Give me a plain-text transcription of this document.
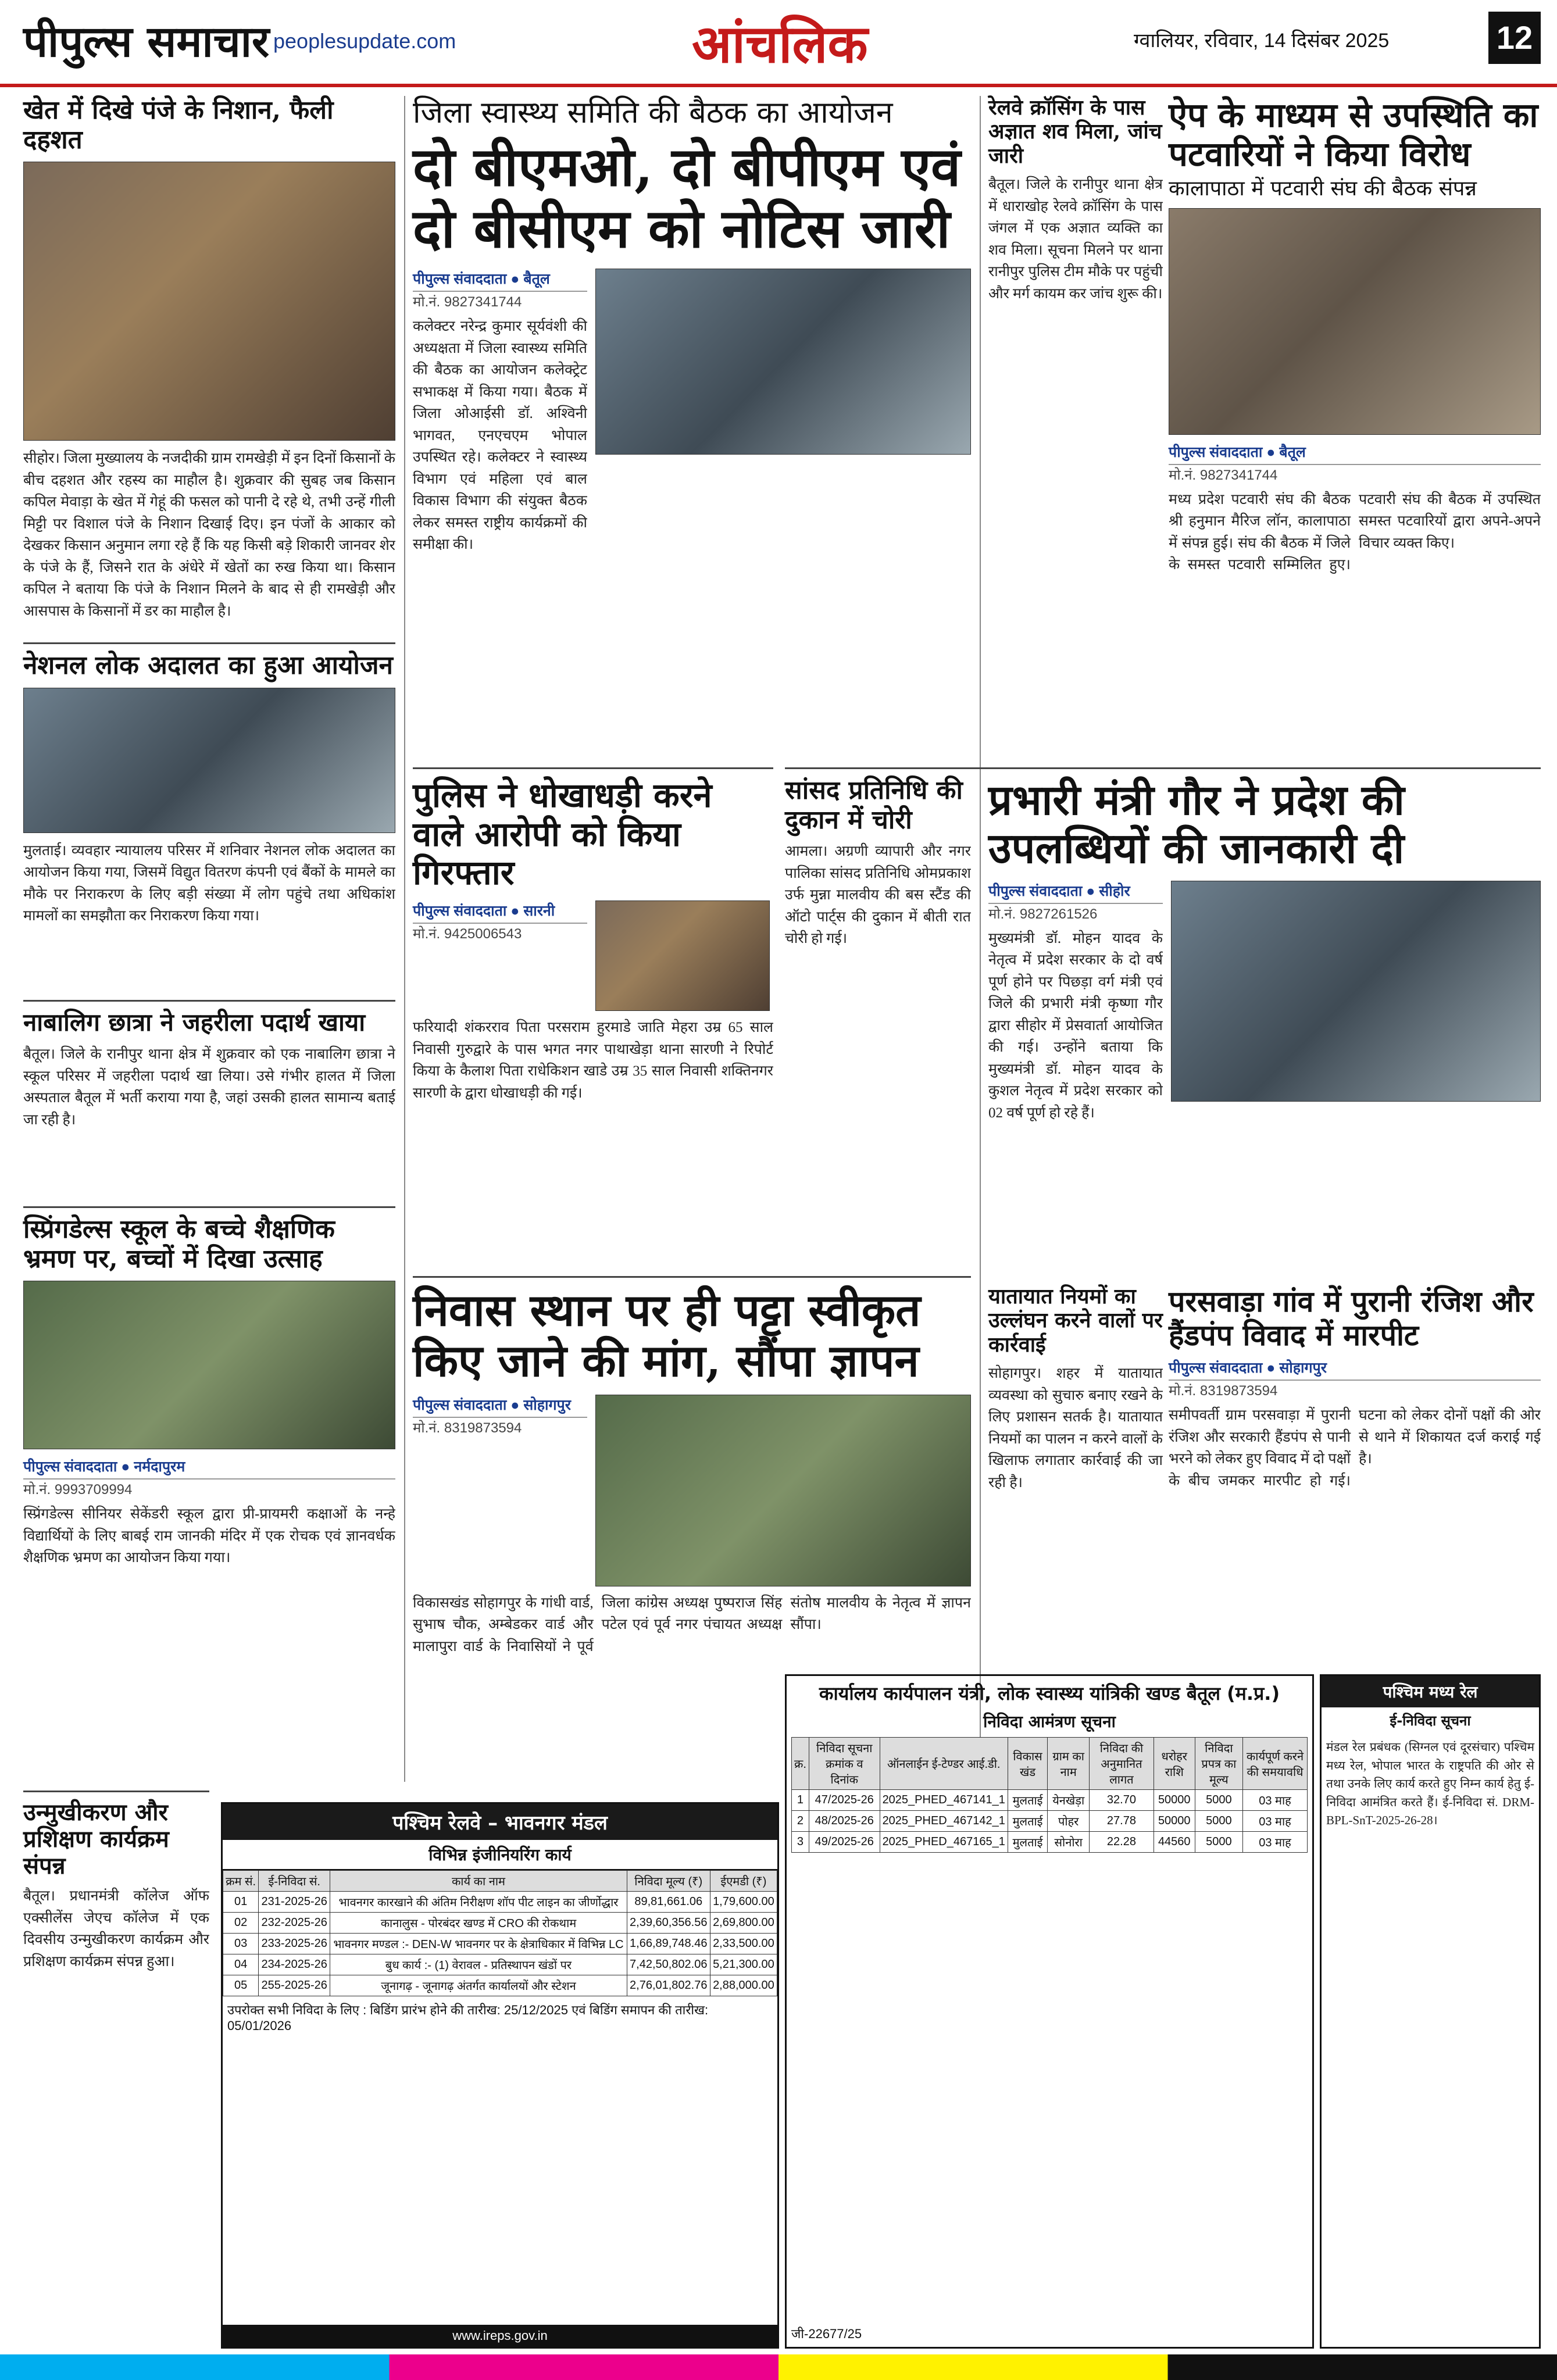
पीपुल्स समाचार peoplesupdate.com	आंचलिक	ग्वालियर, रविवार, 14 दिसंबर 2025	12
खेत में दिखे पंजे के निशान, फैली दहशत
सीहोर। जिला मुख्यालय के नजदीकी ग्राम रामखेड़ी में इन दिनों किसानों के बीच दहशत और रहस्य का माहौल है। शुक्रवार की सुबह जब किसान कपिल मेवाड़ा के खेत में गेहूं की फसल को पानी दे रहे थे, तभी उन्हें गीली मिट्टी पर विशाल पंजे के निशान दिखाई दिए। इन पंजों के आकार को देखकर किसान अनुमान लगा रहे हैं कि यह किसी बड़े शिकारी जानवर शेर के पंजे के हैं, जिसने रात के अंधेरे में खेतों का रुख किया था। किसान कपिल ने बताया कि पंजे के निशान मिलने के बाद से ही रामखेड़ी और आसपास के किसानों में डर का माहौल है।
नेशनल लोक अदालत का हुआ आयोजन
मुलताई। व्यवहार न्यायालय परिसर में शनिवार नेशनल लोक अदालत का आयोजन किया गया, जिसमें विद्युत वितरण कंपनी एवं बैंकों के मामले का मौके पर निराकरण के लिए बड़ी संख्या में लोग पहुंचे तथा अधिकांश मामलों का समझौता कर निराकरण किया गया।
नाबालिग छात्रा ने जहरीला पदार्थ खाया
बैतूल। जिले के रानीपुर थाना क्षेत्र में शुक्रवार को एक नाबालिग छात्रा ने स्कूल परिसर में जहरीला पदार्थ खा लिया। उसे गंभीर हालत में जिला अस्पताल बैतूल में भर्ती कराया गया है, जहां उसकी हालत सामान्य बताई जा रही है।
स्प्रिंगडेल्स स्कूल के बच्चे शैक्षणिक भ्रमण पर, बच्चों में दिखा उत्साह
पीपुल्स संवाददाता ● नर्मदापुरम
मो.नं. 9993709994
स्प्रिंगडेल्स सीनियर सेकेंडरी स्कूल द्वारा प्री-प्रायमरी कक्षाओं के नन्हे विद्यार्थियों के लिए बाबई राम जानकी मंदिर में एक रोचक एवं ज्ञानवर्धक शैक्षणिक भ्रमण का आयोजन किया गया।
उन्मुखीकरण और प्रशिक्षण कार्यक्रम संपन्न
बैतूल। प्रधानमंत्री कॉलेज ऑफ एक्सीलेंस जेएच कॉलेज में एक दिवसीय उन्मुखीकरण कार्यक्रम और प्रशिक्षण कार्यक्रम संपन्न हुआ।
जिला स्वास्थ्य समिति की बैठक का आयोजन
दो बीएमओ, दो बीपीएम एवं दो बीसीएम को नोटिस जारी
पीपुल्स संवाददाता ● बैतूल
मो.नं. 9827341744
कलेक्टर नरेन्द्र कुमार सूर्यवंशी की अध्यक्षता में जिला स्वास्थ्य समिति की बैठक का आयोजन कलेक्ट्रेट सभाकक्ष में किया गया। बैठक में जिला ओआईसी डॉ. अश्विनी भागवत, एनएचएम भोपाल उपस्थित रहे। कलेक्टर ने स्वास्थ्य विभाग एवं महिला एवं बाल विकास विभाग की संयुक्त बैठक लेकर समस्त राष्ट्रीय कार्यक्रमों की समीक्षा की।
पुलिस ने धोखाधड़ी करने वाले आरोपी को किया गिरफ्तार
पीपुल्स संवाददाता ● सारनी
मो.नं. 9425006543
फरियादी शंकरराव पिता परसराम हुरमाडे जाति मेहरा उम्र 65 साल निवासी गुरुद्वारे के पास भगत नगर पाथाखेड़ा थाना सारणी ने रिपोर्ट किया के कैलाश पिता राधेकिशन खाडे उम्र 35 साल निवासी शक्तिनगर सारणी के द्वारा धोखाधड़ी की गई।
निवास स्थान पर ही पट्टा स्वीकृत किए जाने की मांग, सौंपा ज्ञापन
पीपुल्स संवाददाता ● सोहागपुर
मो.नं. 8319873594
विकासखंड सोहागपुर के गांधी वार्ड, सुभाष चौक, अम्बेडकर वार्ड और मालापुरा वार्ड के निवासियों ने पूर्व जिला कांग्रेस अध्यक्ष पुष्पराज सिंह पटेल एवं पूर्व नगर पंचायत अध्यक्ष संतोष मालवीय के नेतृत्व में ज्ञापन सौंपा।
सांसद प्रतिनिधि की दुकान में चोरी
आमला। अग्रणी व्यापारी और नगर पालिका सांसद प्रतिनिधि ओमप्रकाश उर्फ मुन्ना मालवीय की बस स्टैंड की ऑटो पार्ट्स की दुकान में बीती रात चोरी हो गई।
रेलवे क्रॉसिंग के पास अज्ञात शव मिला, जांच जारी
बैतूल। जिले के रानीपुर थाना क्षेत्र में धाराखोह रेलवे क्रॉसिंग के पास जंगल में एक अज्ञात व्यक्ति का शव मिला। सूचना मिलने पर थाना रानीपुर पुलिस टीम मौके पर पहुंची और मर्ग कायम कर जांच शुरू की।
यातायात नियमों का उल्लंघन करने वालों पर कार्रवाई
सोहागपुर। शहर में यातायात व्यवस्था को सुचारु बनाए रखने के लिए प्रशासन सतर्क है। यातायात नियमों का पालन न करने वालों के खिलाफ लगातार कार्रवाई की जा रही है।
ऐप के माध्यम से उपस्थिति का पटवारियों ने किया विरोध
कालापाठा में पटवारी संघ की बैठक संपन्न
पीपुल्स संवाददाता ● बैतूल
मो.नं. 9827341744
मध्य प्रदेश पटवारी संघ की बैठक श्री हनुमान मैरिज लॉन, कालापाठा में संपन्न हुई। संघ की बैठक में जिले के समस्त पटवारी सम्मिलित हुए। पटवारी संघ की बैठक में उपस्थित समस्त पटवारियों द्वारा अपने-अपने विचार व्यक्त किए।
प्रभारी मंत्री गौर ने प्रदेश की उपलब्धियों की जानकारी दी
पीपुल्स संवाददाता ● सीहोर
मो.नं. 9827261526
मुख्यमंत्री डॉ. मोहन यादव के नेतृत्व में प्रदेश सरकार के दो वर्ष पूर्ण होने पर पिछड़ा वर्ग मंत्री एवं जिले की प्रभारी मंत्री कृष्णा गौर द्वारा सीहोर में प्रेसवार्ता आयोजित की गई। उन्होंने बताया कि मुख्यमंत्री डॉ. मोहन यादव के कुशल नेतृत्व में प्रदेश सरकार को 02 वर्ष पूर्ण हो रहे हैं।
परसवाड़ा गांव में पुरानी रंजिश और हैंडपंप विवाद में मारपीट
पीपुल्स संवाददाता ● सोहागपुर
मो.नं. 8319873594
समीपवर्ती ग्राम परसवाड़ा में पुरानी रंजिश और सरकारी हैंडपंप से पानी भरने को लेकर हुए विवाद में दो पक्षों के बीच जमकर मारपीट हो गई। घटना को लेकर दोनों पक्षों की ओर से थाने में शिकायत दर्ज कराई गई है।
पश्चिम रेलवे – भावनगर मंडल
विभिन्न इंजीनियरिंग कार्य
क्रम सं.	ई-निविदा सं.	कार्य का नाम	निविदा मूल्य (₹)	ईएमडी (₹)
01	231-2025-26	भावनगर कारखाने की अंतिम निरीक्षण शॉप पीट लाइन का जीर्णोद्धार	89,81,661.06	1,79,600.00
02	232-2025-26	कानालुस - पोरबंदर खण्ड में CRO की रोकथाम	2,39,60,356.56	2,69,800.00
03	233-2025-26	भावनगर मण्डल :- DEN-W भावनगर पर के क्षेत्राधिकार में विभिन्न LC	1,66,89,748.46	2,33,500.00
04	234-2025-26	बुध कार्य :- (1) वेरावल - प्रतिस्थापन खंडों पर	7,42,50,802.06	5,21,300.00
05	255-2025-26	जूनागढ़ - जूनागढ़ अंतर्गत कार्यालयों और स्टेशन	2,76,01,802.76	2,88,000.00
उपरोक्त सभी निविदा के लिए : बिडिंग प्रारंभ होने की तारीख: 25/12/2025 एवं बिडिंग समापन की तारीख: 05/01/2026
www.ireps.gov.in
कार्यालय कार्यपालन यंत्री, लोक स्वास्थ्य यांत्रिकी खण्ड बैतूल (म.प्र.)
निविदा आमंत्रण सूचना
क्र.	निविदा सूचना क्रमांक व दिनांक	ऑनलाईन ई-टेण्डर आई.डी.	विकास खंड	ग्राम का नाम	निविदा की अनुमानित लागत	धरोहर राशि	निविदा प्रपत्र का मूल्य	कार्यपूर्ण करने की समयावधि
1	47/2025-26	2025_PHED_467141_1	मुलताई	येनखेड़ा	32.70	50000	5000	03 माह
2	48/2025-26	2025_PHED_467142_1	मुलताई	पोहर	27.78	50000	5000	03 माह
3	49/2025-26	2025_PHED_467165_1	मुलताई	सोनोरा	22.28	44560	5000	03 माह
जी-22677/25
पश्चिम मध्य रेल
ई-निविदा सूचना
मंडल रेल प्रबंधक (सिग्नल एवं दूरसंचार) पश्चिम मध्य रेल, भोपाल भारत के राष्ट्रपति की ओर से तथा उनके लिए कार्य करते हुए निम्न कार्य हेतु ई-निविदा आमंत्रित करते हैं। ई-निविदा सं. DRM-BPL-SnT-2025-26-28।
